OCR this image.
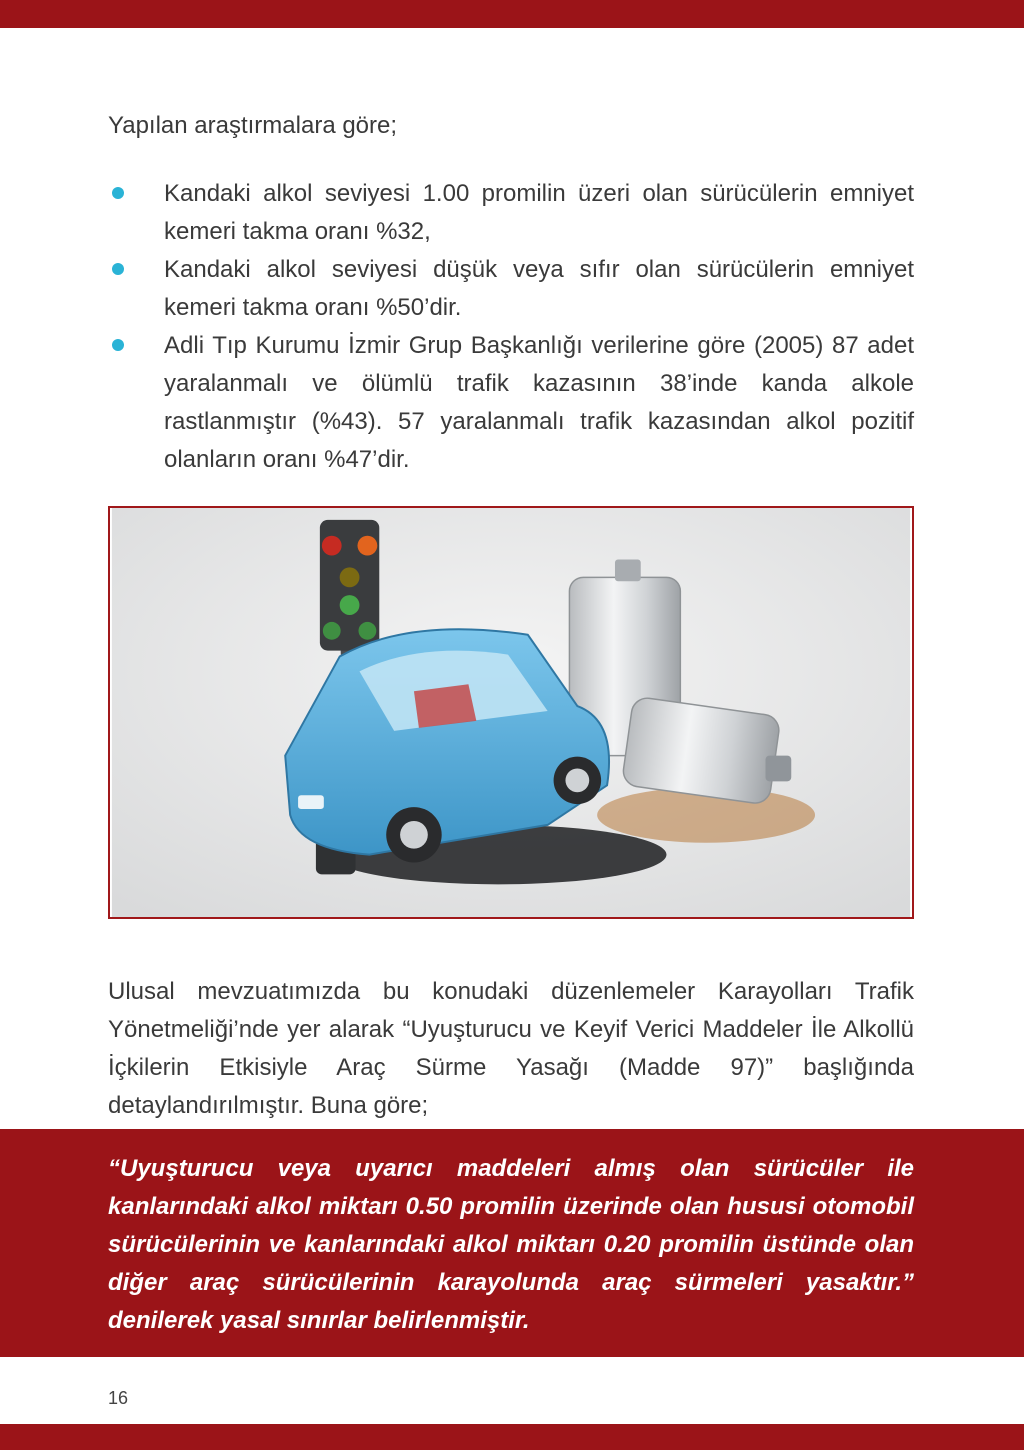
Yapılan araştırmalara göre;

Kandaki alkol seviyesi 1.00 promilin üzeri olan sürücülerin emniyet kemeri takma oranı %32,
Kandaki alkol seviyesi düşük veya sıfır olan sürücülerin emniyet kemeri takma oranı %50’dir.
Adli Tıp Kurumu İzmir Grup Başkanlığı verilerine göre (2005) 87 adet yaralanmalı ve ölümlü trafik kazasının 38’inde kanda alkole rastlanmıştır (%43). 57 yaralanmalı trafik kazasından alkol pozitif olanların oranı %47’dir.

Ulusal mevzuatımızda bu konudaki düzenlemeler Karayolları Trafik Yönetmeliği’nde yer alarak “Uyuşturucu ve Keyif Verici Maddeler İle Alkollü İçkilerin Etkisiyle Araç Sürme Yasağı (Madde 97)” başlığında detaylandırılmıştır. Buna göre;

“Uyuşturucu veya uyarıcı maddeleri almış olan sürücüler ile kanlarındaki alkol miktarı 0.50 promilin üzerinde olan hususi otomobil sürücülerinin ve kanlarındaki alkol miktarı 0.20 promilin üstünde olan diğer araç sürücülerinin karayolunda araç sürmeleri yasaktır.” denilerek yasal sınırlar belirlenmiştir.

16
